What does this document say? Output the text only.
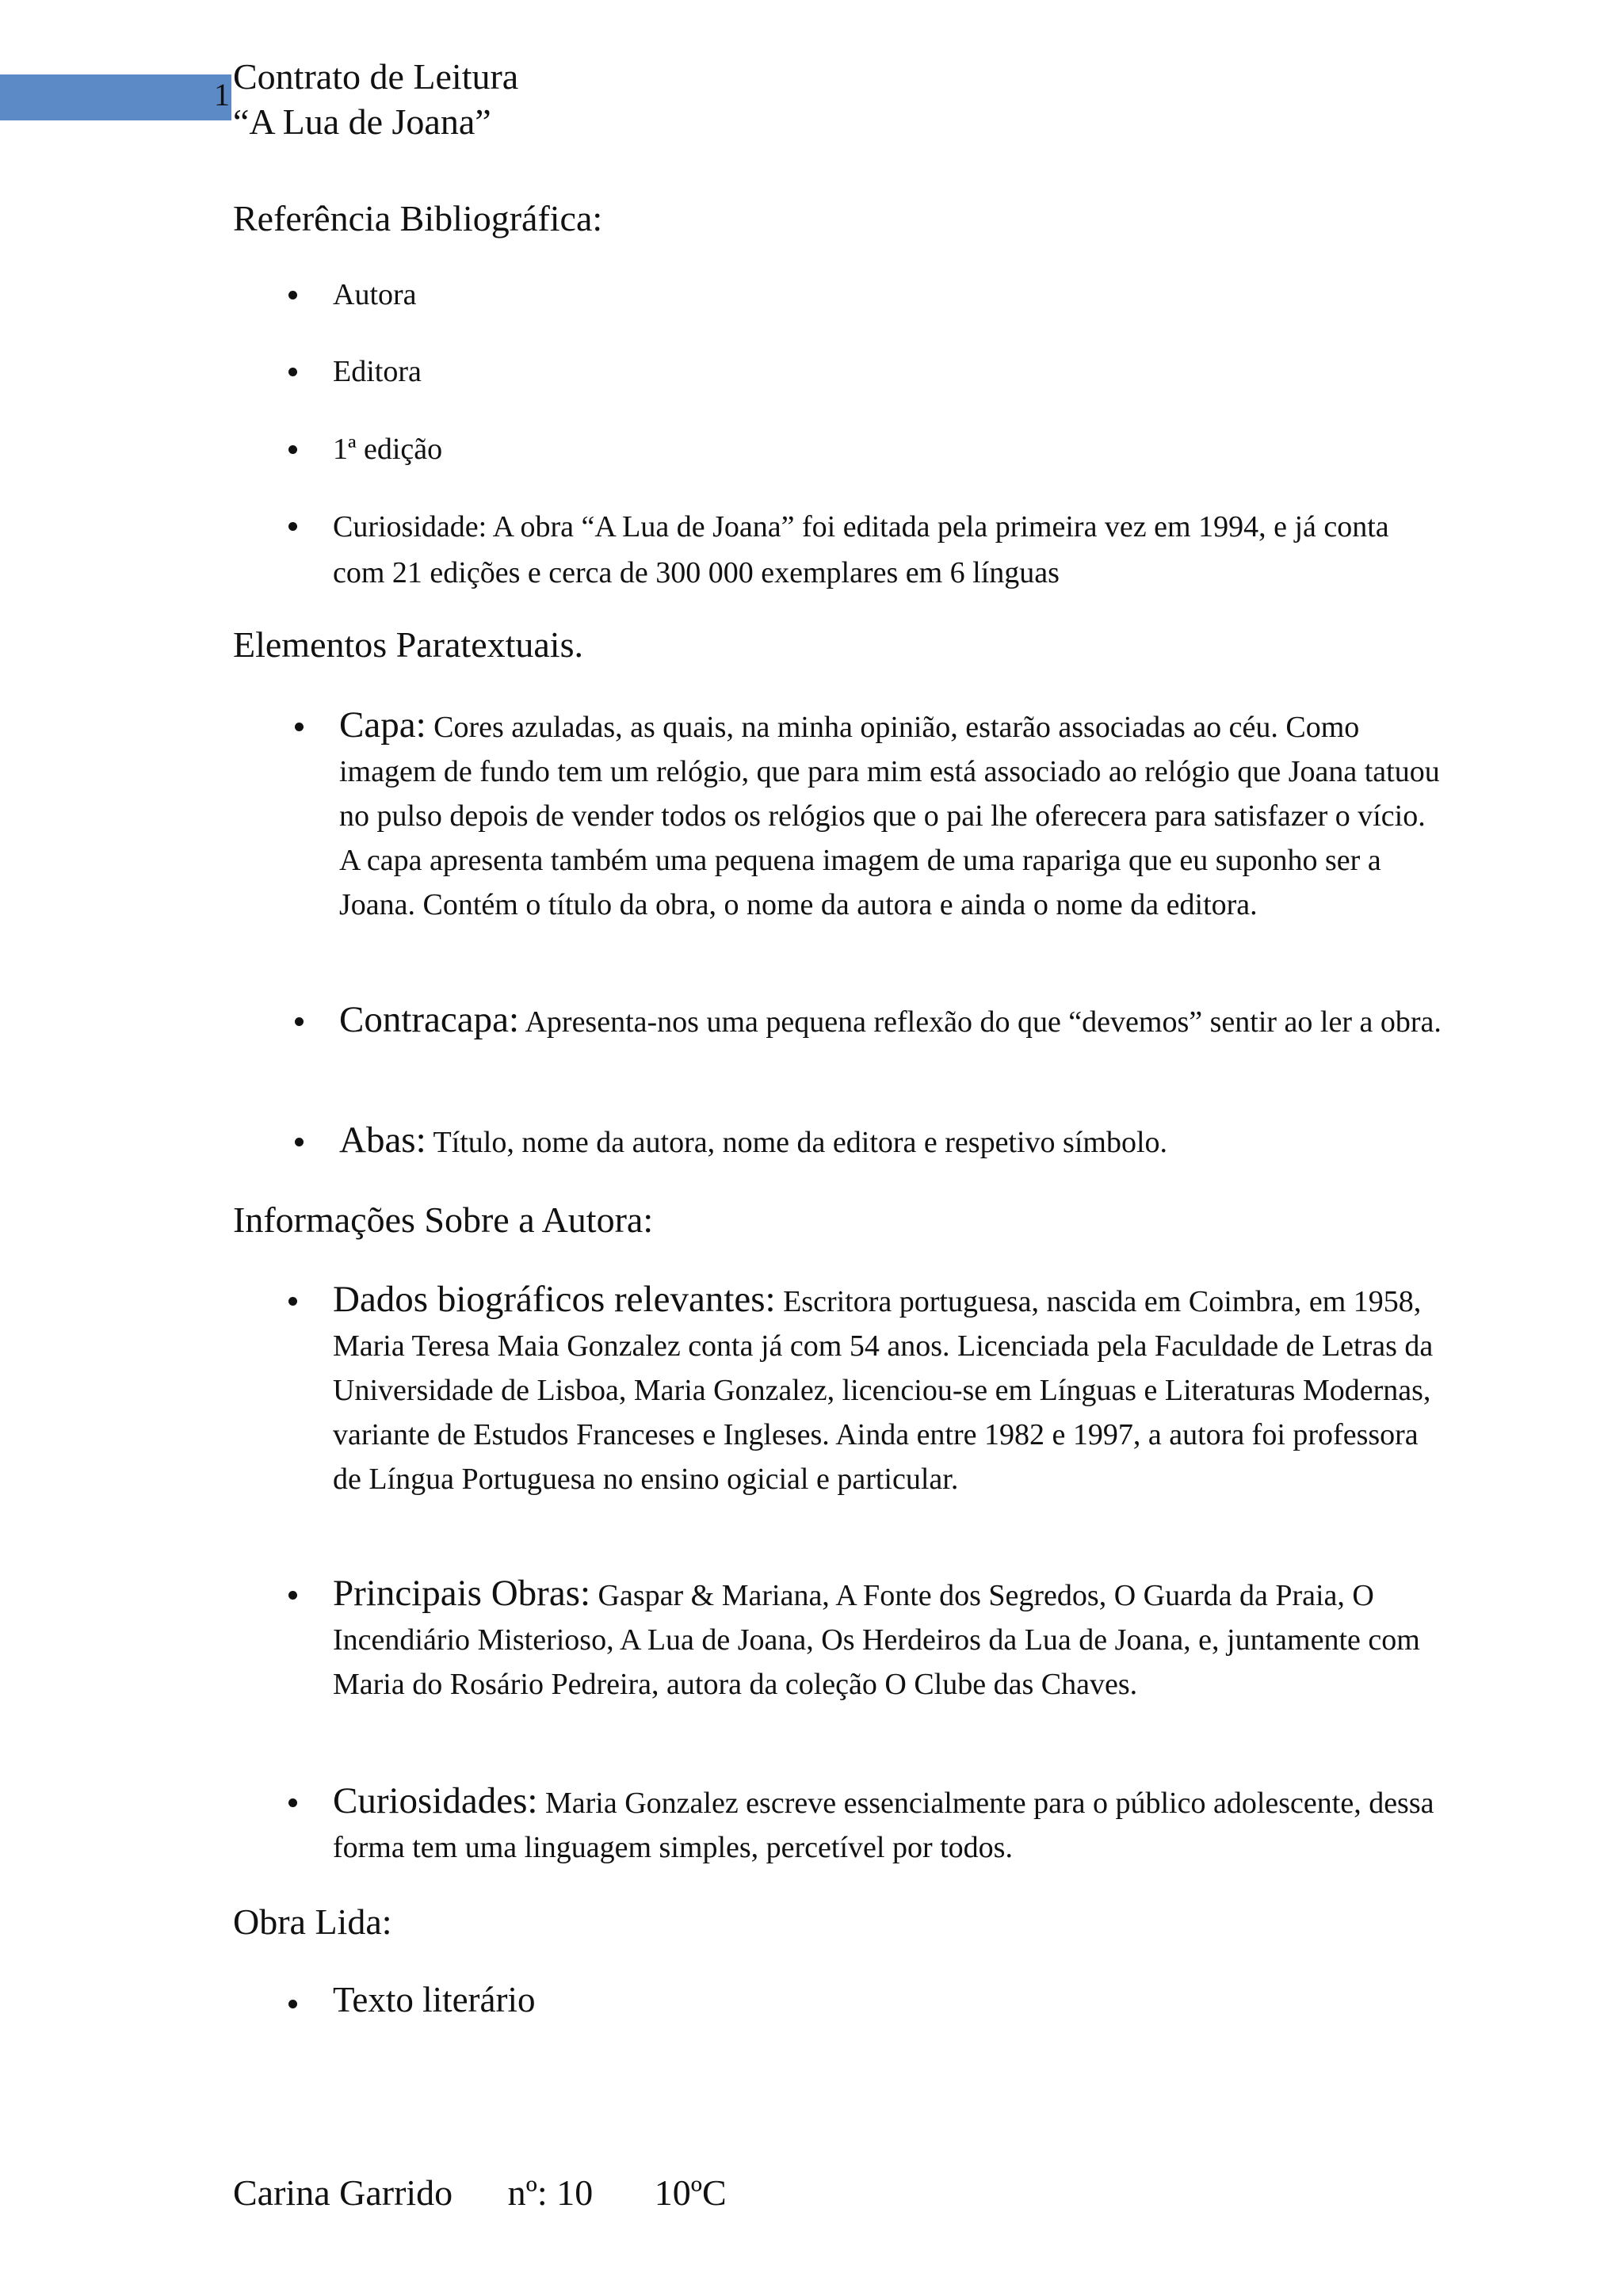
1 Contrato de Leitura
“A Lua de Joana”
Referência Bibliográfica:
Autora
Editora
1ª edição
Curiosidade: A obra “A Lua de Joana” foi editada pela primeira vez em 1994, e já conta com 21 edições e cerca de 300 000 exemplares em 6 línguas
Elementos Paratextuais.
Capa: Cores azuladas, as quais, na minha opinião, estarão associadas ao céu. Como imagem de fundo tem um relógio, que para mim está associado ao relógio que Joana tatuou no pulso depois de vender todos os relógios que o pai lhe oferecera para satisfazer o vício. A capa apresenta também uma pequena imagem de uma rapariga que eu suponho ser a Joana. Contém o título da obra, o nome da autora e ainda o nome da editora.
Contracapa: Apresenta-nos uma pequena reflexão do que “devemos” sentir ao ler a obra.
Abas: Título, nome da autora, nome da editora e respetivo símbolo.
Informações Sobre a Autora:
Dados biográficos relevantes: Escritora portuguesa, nascida em Coimbra, em 1958, Maria Teresa Maia Gonzalez conta já com 54 anos. Licenciada pela Faculdade de Letras da Universidade de Lisboa, Maria Gonzalez, licenciou-se em Línguas e Literaturas Modernas, variante de Estudos Franceses e Ingleses. Ainda entre 1982 e 1997, a autora foi professora de Língua Portuguesa no ensino ogicial e particular.
Principais Obras: Gaspar & Mariana, A Fonte dos Segredos, O Guarda da Praia, O Incendiário Misterioso, A Lua de Joana, Os Herdeiros da Lua de Joana, e, juntamente com Maria do Rosário Pedreira, autora da coleção O Clube das Chaves.
Curiosidades: Maria Gonzalez escreve essencialmente para o público adolescente, dessa forma tem uma linguagem simples, percetível por todos.
Obra Lida:
Texto literário
Carina Garrido nº: 10 10ºC
